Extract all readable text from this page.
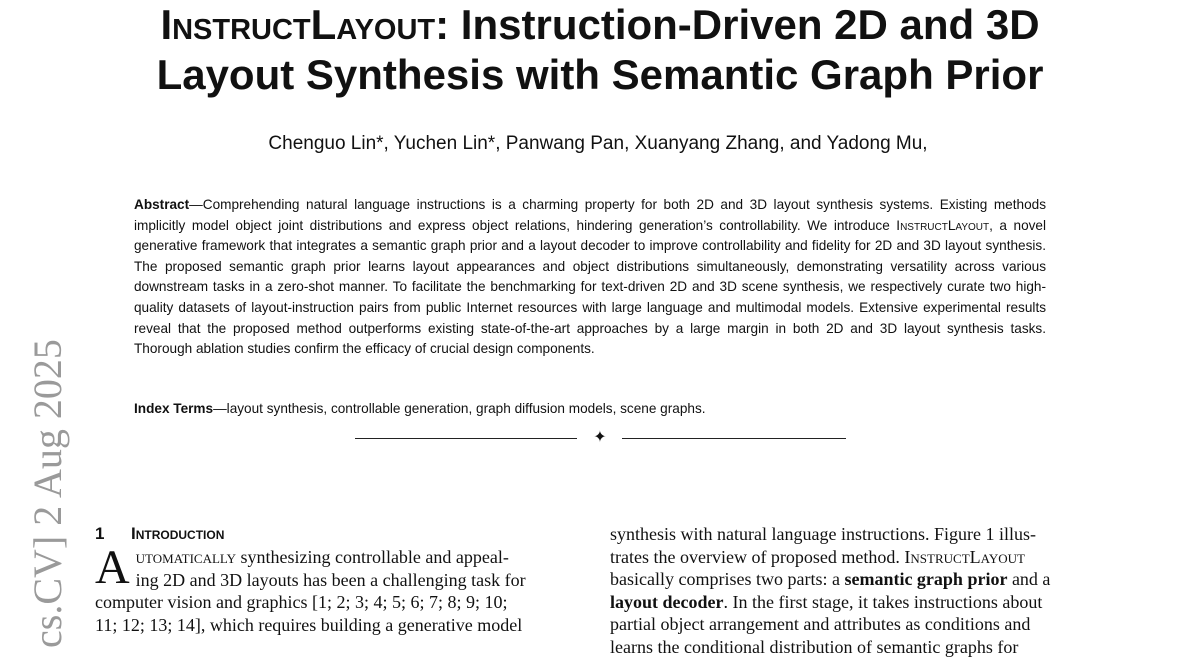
InstructLayout: Instruction-Driven 2D and 3D
Layout Synthesis with Semantic Graph Prior
Chenguo Lin*, Yuchen Lin*, Panwang Pan, Xuanyang Zhang, and Yadong Mu,
Abstract—Comprehending natural language instructions is a charming property for both 2D and 3D layout synthesis systems. Existing methods implicitly model object joint distributions and express object relations, hindering generation’s controllability. We introduce InstructLayout, a novel generative framework that integrates a semantic graph prior and a layout decoder to improve controllability and fidelity for 2D and 3D layout synthesis. The proposed semantic graph prior learns layout appearances and object distributions simultaneously, demonstrating versatility across various downstream tasks in a zero-shot manner. To facilitate the benchmarking for text-driven 2D and 3D scene synthesis, we respectively curate two high-quality datasets of layout-instruction pairs from public Internet resources with large language and multimodal models. Extensive experimental results reveal that the proposed method outperforms existing state-of-the-art approaches by a large margin in both 2D and 3D layout synthesis tasks. Thorough ablation studies confirm the efficacy of crucial design components.
Index Terms—layout synthesis, controllable generation, graph diffusion models, scene graphs.
✦
cs.CV] 2 Aug 2025 1 Introduction
A utomatically synthesizing controllable and appeal-
ing 2D and 3D layouts has been a challenging task for
computer vision and graphics [1; 2; 3; 4; 5; 6; 7; 8; 9; 10;
11; 12; 13; 14], which requires building a generative model
synthesis with natural language instructions. Figure 1 illus-
trates the overview of proposed method. InstructLayout
basically comprises two parts: a semantic graph prior and a
layout decoder. In the first stage, it takes instructions about
partial object arrangement and attributes as conditions and
learns the conditional distribution of semantic graphs for
